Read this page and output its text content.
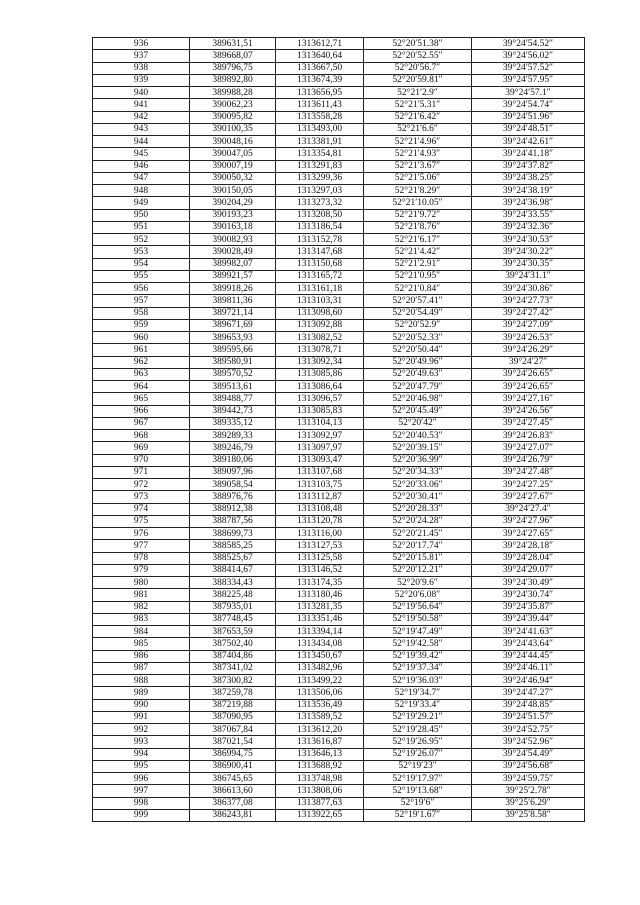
936	389631,51	1313612,71	52°20′51.38″	39°24′54.52″
937	389668,07	1313640,64	52°20′52.55″	39°24′56.02″
938	389796,75	1313667,50	52°20′56.7″	39°24′57.52″
939	389892,80	1313674,39	52°20′59.81″	39°24′57.95″
940	389988,28	1313656,95	52°21′2.9″	39°24′57.1″
941	390062,23	1313611,43	52°21′5.31″	39°24′54.74″
942	390095,82	1313558,28	52°21′6.42″	39°24′51.96″
943	390100,35	1313493,00	52°21′6.6″	39°24′48.51″
944	390048,16	1313381,91	52°21′4.96″	39°24′42.61″
945	390047,05	1313354,81	52°21′4.93″	39°24′41.18″
946	390007,19	1313291,83	52°21′3.67″	39°24′37.82″
947	390050,32	1313299,36	52°21′5.06″	39°24′38.25″
948	390150,05	1313297,03	52°21′8.29″	39°24′38.19″
949	390204,29	1313273,32	52°21′10.05″	39°24′36.98″
950	390193,23	1313208,50	52°21′9.72″	39°24′33.55″
951	390163,18	1313186,54	52°21′8.76″	39°24′32.36″
952	390082,93	1313152,78	52°21′6.17″	39°24′30.53″
953	390028,49	1313147,68	52°21′4.42″	39°24′30.22″
954	389982,07	1313150,68	52°21′2.91″	39°24′30.35″
955	389921,57	1313165,72	52°21′0.95″	39°24′31.1″
956	389918,26	1313161,18	52°21′0.84″	39°24′30.86″
957	389811,36	1313103,31	52°20′57.41″	39°24′27.73″
958	389721,14	1313098,60	52°20′54.49″	39°24′27.42″
959	389671,69	1313092,88	52°20′52.9″	39°24′27.09″
960	389653,93	1313082,52	52°20′52.33″	39°24′26.53″
961	389595,66	1313078,71	52°20′50.44″	39°24′26.29″
962	389580,91	1313092,34	52°20′49.96″	39°24′27″
963	389570,52	1313085,86	52°20′49.63″	39°24′26.65″
964	389513,61	1313086,64	52°20′47.79″	39°24′26.65″
965	389488,77	1313096,57	52°20′46.98″	39°24′27.16″
966	389442,73	1313085,83	52°20′45.49″	39°24′26.56″
967	389335,12	1313104,13	52°20′42″	39°24′27.45″
968	389289,33	1313092,97	52°20′40.53″	39°24′26.83″
969	389246,79	1313097,97	52°20′39.15″	39°24′27.07″
970	389180,06	1313093,47	52°20′36.99″	39°24′26.79″
971	389097,96	1313107,68	52°20′34.33″	39°24′27.48″
972	389058,54	1313103,75	52°20′33.06″	39°24′27.25″
973	388976,76	1313112,87	52°20′30.41″	39°24′27.67″
974	388912,38	1313108,48	52°20′28.33″	39°24′27.4″
975	388787,56	1313120,78	52°20′24.28″	39°24′27.96″
976	388699,73	1313116,00	52°20′21.45″	39°24′27.65″
977	388585,25	1313127,53	52°20′17.74″	39°24′28.18″
978	388525,67	1313125,58	52°20′15.81″	39°24′28.04″
979	388414,67	1313146,52	52°20′12.21″	39°24′29.07″
980	388334,43	1313174,35	52°20′9.6″	39°24′30.49″
981	388225,48	1313180,46	52°20′6.08″	39°24′30.74″
982	387935,01	1313281,35	52°19′56.64″	39°24′35.87″
983	387748,45	1313351,46	52°19′50.58″	39°24′39.44″
984	387653,59	1313394,14	52°19′47.49″	39°24′41.63″
985	387502,40	1313434,08	52°19′42.58″	39°24′43.64″
986	387404,86	1313450,67	52°19′39.42″	39°24′44.45″
987	387341,02	1313482,96	52°19′37.34″	39°24′46.11″
988	387300,82	1313499,22	52°19′36.03″	39°24′46.94″
989	387259,78	1313506,06	52°19′34.7″	39°24′47.27″
990	387219,88	1313536,49	52°19′33.4″	39°24′48.85″
991	387090,95	1313589,52	52°19′29.21″	39°24′51.57″
992	387067,84	1313612,20	52°19′28.45″	39°24′52.75″
993	387021,54	1313616,87	52°19′26.95″	39°24′52.96″
994	386994,75	1313646,13	52°19′26.07″	39°24′54.49″
995	386900,41	1313688,92	52°19′23″	39°24′56.68″
996	386745,65	1313748,98	52°19′17.97″	39°24′59.75″
997	386613,60	1313808,06	52°19′13.68″	39°25′2.78″
998	386377,08	1313877,63	52°19′6″	39°25′6.29″
999	386243,81	1313922,65	52°19′1.67″	39°25′8.58″
